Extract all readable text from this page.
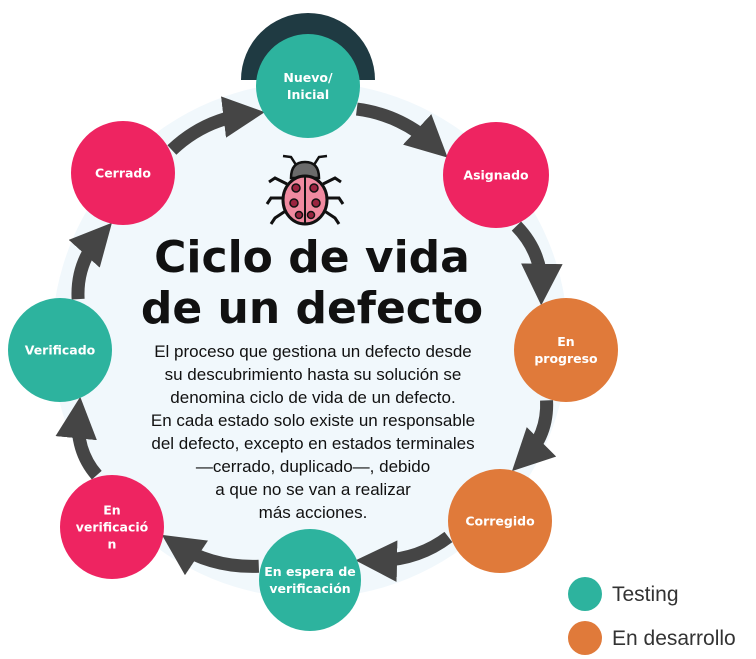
Nuevo/
Inicial
Asignado
En
progreso
Corregido
En espera de
verificación
En
verificació
n
Verificado
Cerrado
Ciclo de vida
de un defecto
El proceso que gestiona un defecto desde
su descubrimiento hasta su solución se
denomina ciclo de vida de un defecto.
En cada estado solo existe un responsable
del defecto, excepto en estados terminales
—cerrado, duplicado—, debido
a que no se van a realizar
más acciones.
Testing
En desarrollo
